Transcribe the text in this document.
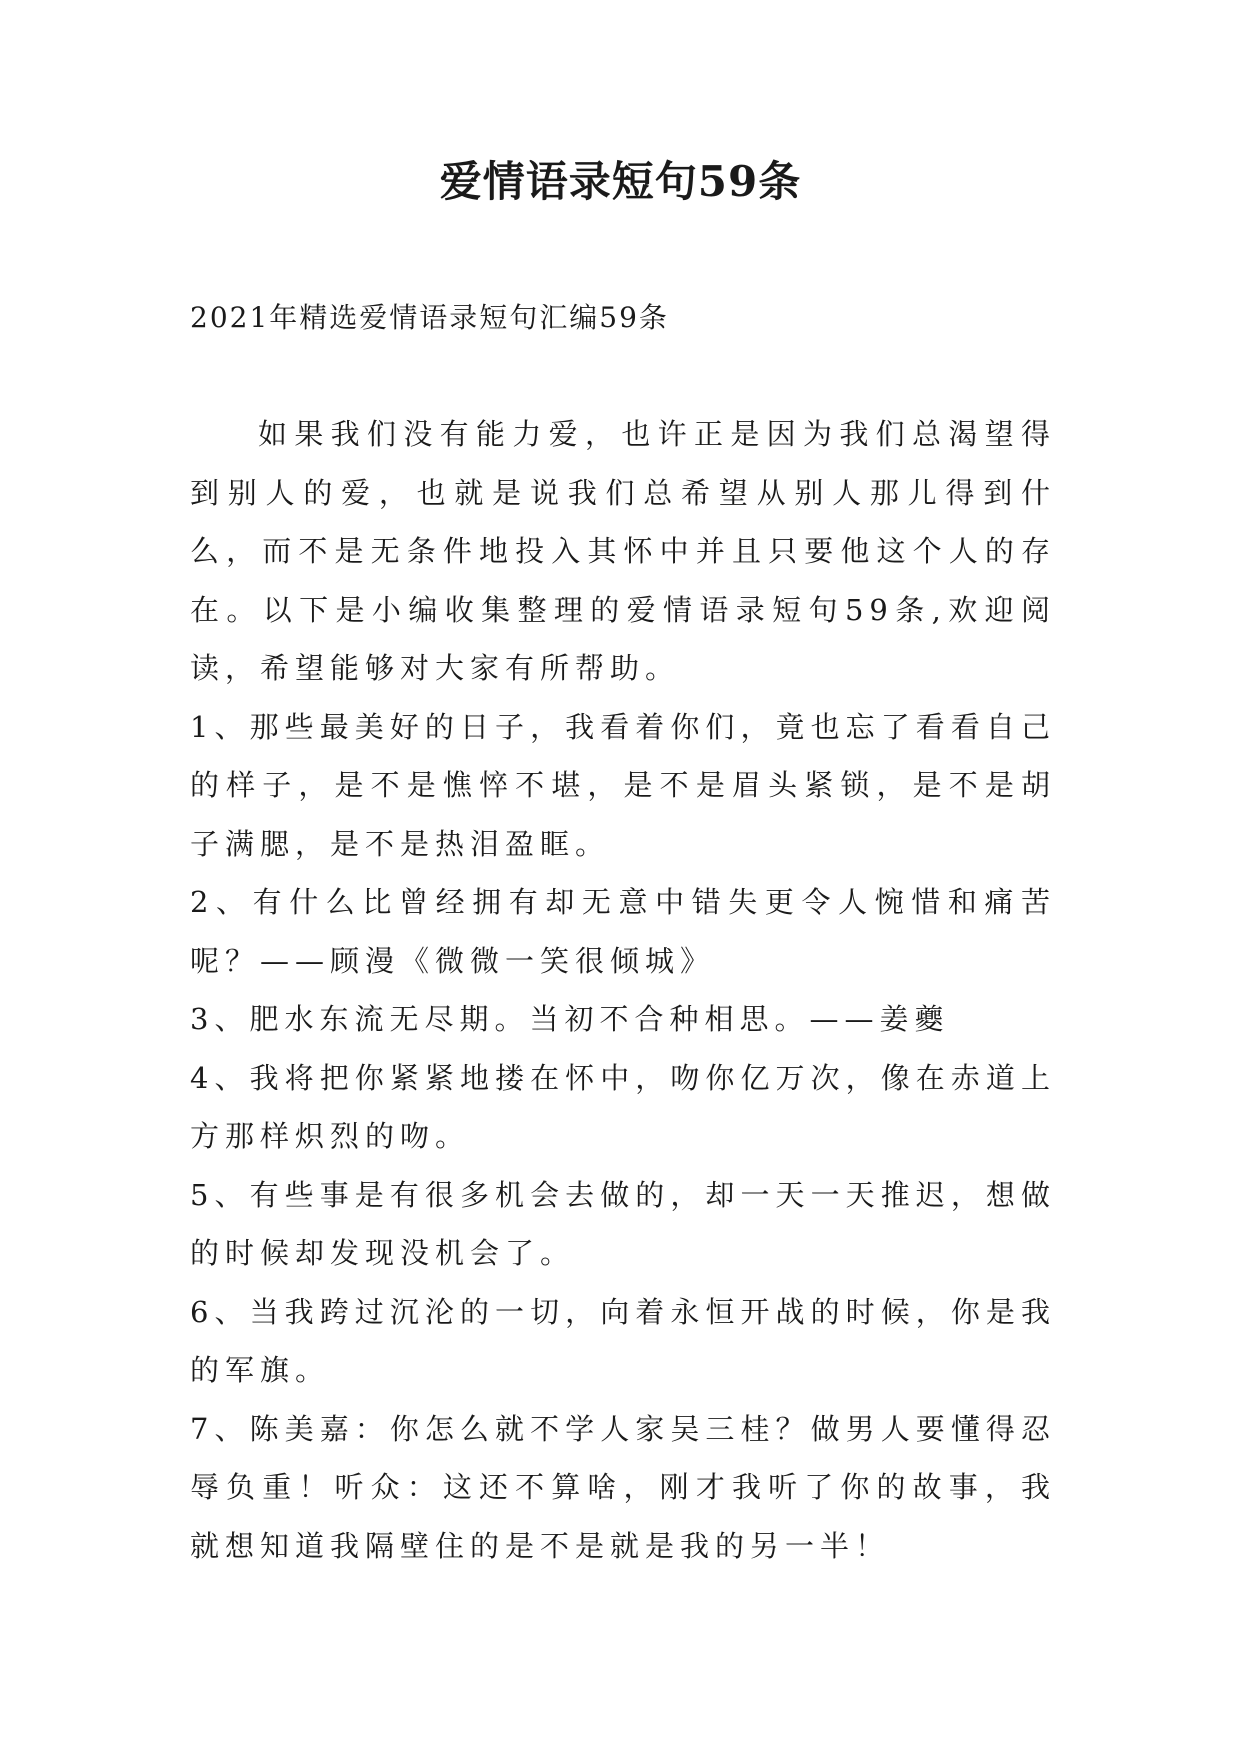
爱情语录短句59条
2021年精选爱情语录短句汇编59条

如果我们没有能力爱，也许正是因为我们总渴望得到别人的爱，也就是说我们总希望从别人那儿得到什么，而不是无条件地投入其怀中并且只要他这个人的存在。以下是小编收集整理的爱情语录短句59条,欢迎阅读，希望能够对大家有所帮助。

1、那些最美好的日子，我看着你们，竟也忘了看看自己的样子，是不是憔悴不堪，是不是眉头紧锁，是不是胡子满腮，是不是热泪盈眶。

2、有什么比曾经拥有却无意中错失更令人惋惜和痛苦呢？——顾漫《微微一笑很倾城》

3、肥水东流无尽期。当初不合种相思。——姜夔

4、我将把你紧紧地搂在怀中，吻你亿万次，像在赤道上方那样炽烈的吻。

5、有些事是有很多机会去做的，却一天一天推迟，想做的时候却发现没机会了。

6、当我跨过沉沦的一切，向着永恒开战的时候，你是我的军旗。

7、陈美嘉：你怎么就不学人家吴三桂？做男人要懂得忍辱负重！听众：这还不算啥，刚才我听了你的故事，我就想知道我隔壁住的是不是就是我的另一半！
